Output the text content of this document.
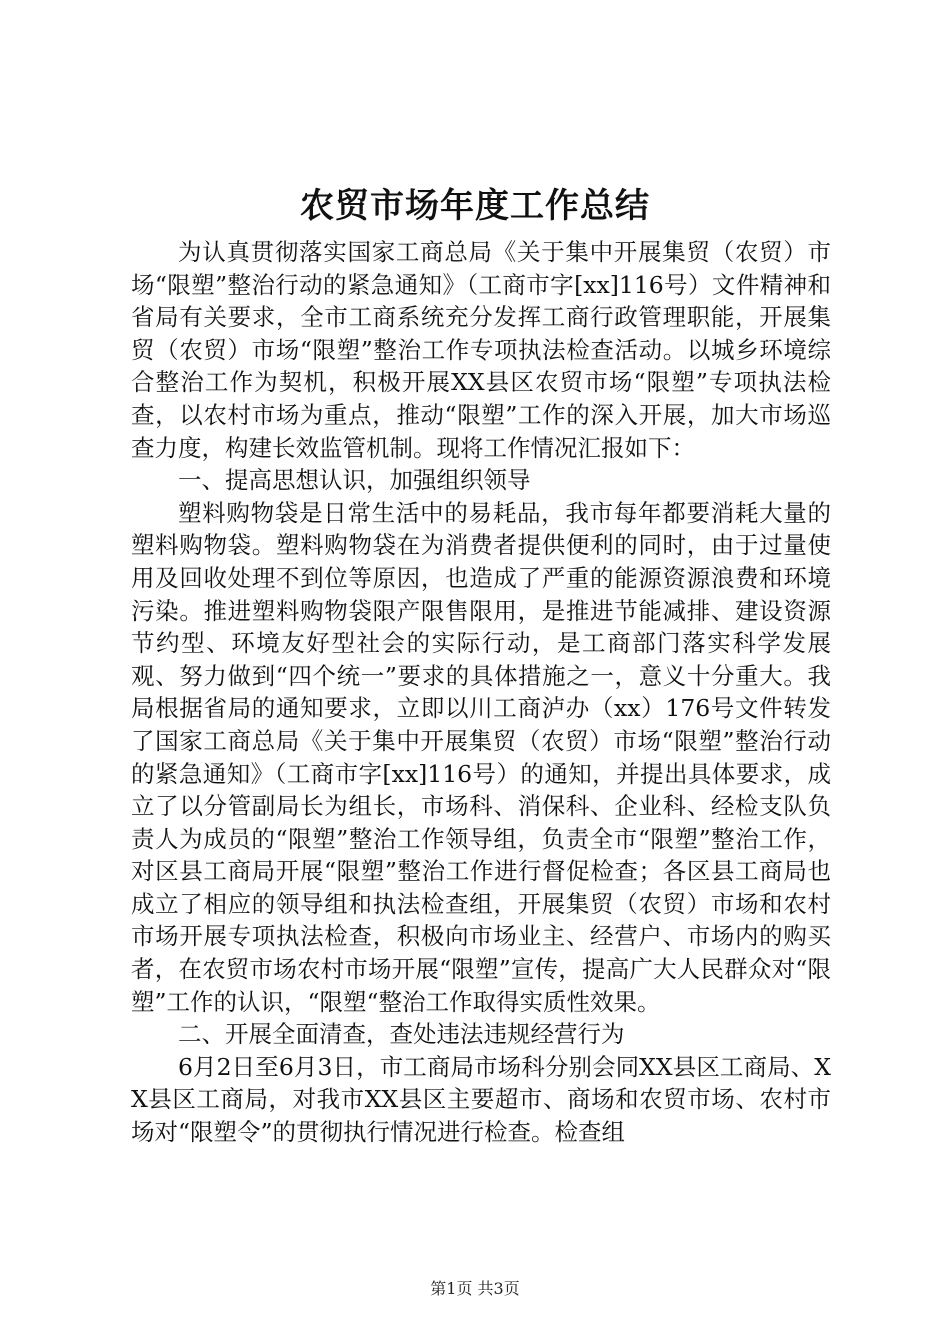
农贸市场年度工作总结

为认真贯彻落实国家工商总局《关于集中开展集贸（农贸）市场“限塑”整治行动的紧急通知》（工商市字[xx]116号）文件精神和省局有关要求，全市工商系统充分发挥工商行政管理职能，开展集贸（农贸）市场“限塑”整治工作专项执法检查活动。以城乡环境综合整治工作为契机，积极开展XX县区农贸市场“限塑”专项执法检查，以农村市场为重点，推动“限塑”工作的深入开展，加大市场巡查力度，构建长效监管机制。现将工作情况汇报如下：

一、提高思想认识，加强组织领导

塑料购物袋是日常生活中的易耗品，我市每年都要消耗大量的塑料购物袋。塑料购物袋在为消费者提供便利的同时，由于过量使用及回收处理不到位等原因，也造成了严重的能源资源浪费和环境污染。推进塑料购物袋限产限售限用，是推进节能减排、建设资源节约型、环境友好型社会的实际行动，是工商部门落实科学发展观、努力做到“四个统一”要求的具体措施之一，意义十分重大。我局根据省局的通知要求，立即以川工商泸办（xx）176号文件转发了国家工商总局《关于集中开展集贸（农贸）市场“限塑”整治行动的紧急通知》（工商市字[xx]116号）的通知，并提出具体要求，成立了以分管副局长为组长，市场科、消保科、企业科、经检支队负责人为成员的“限塑”整治工作领导组，负责全市“限塑”整治工作，对区县工商局开展“限塑”整治工作进行督促检查；各区县工商局也成立了相应的领导组和执法检查组，开展集贸（农贸）市场和农村市场开展专项执法检查，积极向市场业主、经营户、市场内的购买者，在农贸市场农村市场开展“限塑”宣传，提高广大人民群众对“限塑”工作的认识，“限塑“整治工作取得实质性效果。

二、开展全面清查，查处违法违规经营行为

6月2日至6月3日，市工商局市场科分别会同XX县区工商局、XX县区工商局，对我市XX县区主要超市、商场和农贸市场、农村市场对“限塑令”的贯彻执行情况进行检查。检查组

第1页 共3页
